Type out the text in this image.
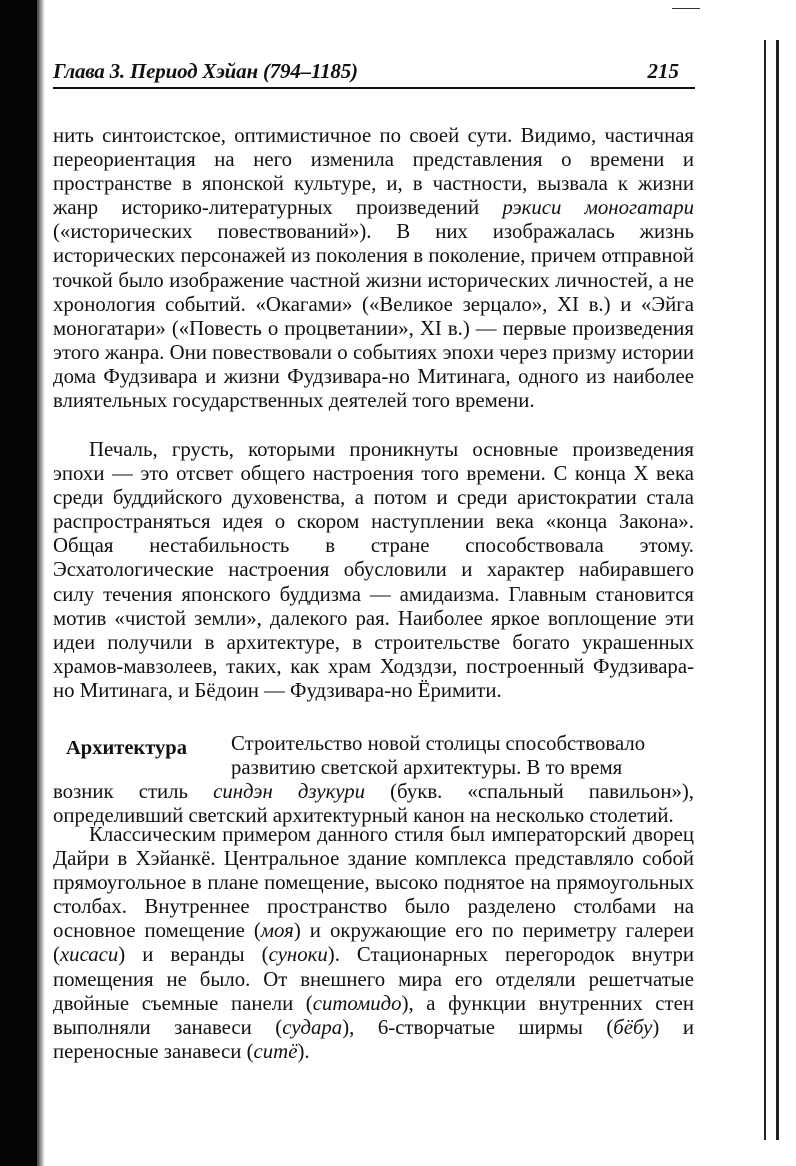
Глава 3. Период Хэйан (794–1185)	215

нить синтоистское, оптимистичное по своей сути. Видимо, частичная переориентация на него изменила представления о времени и пространстве в японской культуре, и, в частности, вызвала к жизни жанр историко-литературных произведений рэкиси моногатари («исторических повествований»). В них изображалась жизнь исторических персонажей из поколения в поколение, причем отправной точкой было изображение частной жизни исторических личностей, а не хронология событий. «Окагами» («Великое зерцало», XI в.) и «Эйга моногатари» («Повесть о процветании», XI в.) — первые произведения этого жанра. Они повествовали о событиях эпохи через призму истории дома Фудзивара и жизни Фудзивара-но Митинага, одного из наиболее влиятельных государственных деятелей того времени.

Печаль, грусть, которыми проникнуты основные произведения эпохи — это отсвет общего настроения того времени. С конца X века среди буддийского духовенства, а потом и среди аристократии стала распространяться идея о скором наступлении века «конца Закона». Общая нестабильность в стране способствовала этому. Эсхатологические настроения обусловили и характер набиравшего силу течения японского буддизма — амидаизма. Главным становится мотив «чистой земли», далекого рая. Наиболее яркое воплощение эти идеи получили в архитектуре, в строительстве богато украшенных храмов-мавзолеев, таких, как храм Ходздзи, построенный Фудзивара-но Митинага, и Бёдоин — Фудзивара-но Ёримити.

Архитектура	Строительство новой столицы способствовало
развитию светской архитектуры. В то время
возник стиль синдэн дзукури (букв. «спальный павильон»), определивший светский архитектурный канон на несколько столетий.

Классическим примером данного стиля был императорский дворец Дайри в Хэйанкё. Центральное здание комплекса представляло собой прямоугольное в плане помещение, высоко поднятое на прямоугольных столбах. Внутреннее пространство было разделено столбами на основное помещение (моя) и окружающие его по периметру галереи (хисаси) и веранды (суноки). Стационарных перегородок внутри помещения не было. От внешнего мира его отделяли решетчатые двойные съемные панели (ситомидо), а функции внутренних стен выполняли занавеси (судара), 6-створчатые ширмы (бёбу) и переносные занавеси (ситё).
